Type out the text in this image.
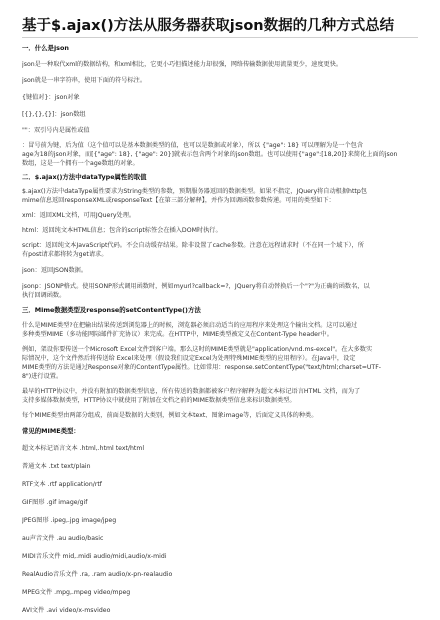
基于$.ajax()方法从服务器获取json数据的几种方式总结
一．什么是json
json是一种取代xml的数据结构，和xml相比，它更小巧但描述能力却很强，网络传输数据使用流量更少，速度更快。
json就是一串字符串，使用下面的符号标注。
{键值对}：json对象
[{},{},{}]：json数组
""：双引号内是属性或值
：冒号前为键，后为值（这个值可以是基本数据类型的值，也可以是数据或对象），所以 {"age": 18} 可以理解为是一个包含
age为18的json对象，而[{"age": 18}, {"age": 20}]就表示包含两个对象的json数组。也可以使用{"age":[18,20]}来简化上面的json
数组，这是一个拥有一个age数组的对象。
二．$.ajax()方法中dataType属性的取值
$.ajax()方法中dataType属性要求为String类型的参数，预期服务器返回的数据类型。如果不指定，JQuery将自动根据http包
mime信息返回responseXML或responseText【在第三部分解释】，并作为回调函数参数传递。可用的类型如下：
xml：返回XML文档，可用JQuery处理。
html：返回纯文本HTML信息；包含的script标签会在插入DOM时执行。
script：返回纯文本JavaScript代码。不会自动缓存结果。除非设置了cache参数。注意在远程请求时（不在同一个域下），所
有post请求都将转为get请求。
json：返回JSON数据。
jsonp：JSONP格式。使用SONP形式调用函数时，例如myurl?callback=?，JQuery将自动替换后一个"?"为正确的函数名，以
执行回调函数。
三．Mime数据类型及response的setContentType()方法
什么是MIME类型?在把输出结果传送到浏览器上的时候，浏览器必须启动适当的应用程序来处理这个输出文档。这可以通过
多种类型MIME（多功能网际邮件扩充协议）来完成。在HTTP中，MIME类型被定义在Content-Type header中。
例如，架设你要传送一个Microsoft Excel文件到客户端。那么这时的MIME类型就是"application/vnd.ms-excel"。在大多数实
际情况中，这个文件然后将传送给 Excel来处理（假设我们设定Excel为处理特殊MIME类型的应用程序）。在Java中，设定
MIME类型的方法是通过Response对象的ContentType属性。比如常用：response.setContentType("text/html;charset=UTF-
8")进行设置。
最早的HTTP协议中，并没有附加的数据类型信息，所有传送的数据都被客户程序解释为超文本标记语言HTML 文档，而为了
支持多媒体数据类型，HTTP协议中就使用了附加在文档之前的MIME数据类型信息来标识数据类型。
每个MIME类型由两部分组成，前面是数据的大类别，例如文本text、图象image等，后面定义具体的种类。
常见的MIME类型：
超文本标记语言文本 .html,.html text/html
普通文本 .txt text/plain
RTF文本 .rtf application/rtf
GIF图形 .gif image/gif
JPEG图形 .ipeg,.jpg image/jpeg
au声音文件 .au audio/basic
MIDI音乐文件 mid,.midi audio/midi,audio/x-midi
RealAudio音乐文件 .ra, .ram audio/x-pn-realaudio
MPEG文件 .mpg,.mpeg video/mpeg
AVI文件 .avi video/x-msvideo
